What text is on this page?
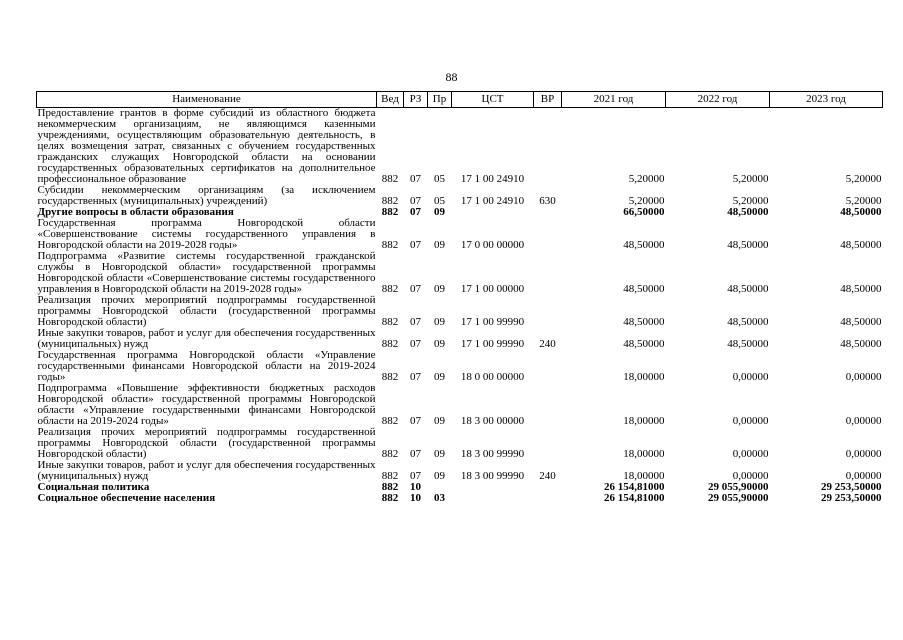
88
Наименование	Вед	РЗ	Пр	ЦСТ	ВР	2021 год	2022 год	2023 год
Предоставление грантов в форме субсидий из областного бюджета некоммерческим организациям, не являющимся казенными учреждениями, осуществляющим образовательную деятельность, в целях возмещения затрат, связанных с обучением государственных гражданских служащих Новгородской области на основании государственных образовательных сертификатов на дополнительное профессиональное образование	882	07	05	17 1 00 24910		5,20000	5,20000	5,20000
Субсидии некоммерческим организациям (за исключением государственных (муниципальных) учреждений)	882	07	05	17 1 00 24910	630	5,20000	5,20000	5,20000
Другие вопросы в области образования	882	07	09			66,50000	48,50000	48,50000
Государственная программа Новгородской области «Совершенствование системы государственного управления в Новгородской области на 2019-2028 годы»	882	07	09	17 0 00 00000		48,50000	48,50000	48,50000
Подпрограмма «Развитие системы государственной гражданской службы в Новгородской области» государственной программы Новгородской области «Совершенствование системы государственного управления в Новгородской области на 2019-2028 годы»	882	07	09	17 1 00 00000		48,50000	48,50000	48,50000
Реализация прочих мероприятий подпрограммы государственной программы Новгородской области (государственной программы Новгородской области)	882	07	09	17 1 00 99990		48,50000	48,50000	48,50000
Иные закупки товаров, работ и услуг для обеспечения государственных (муниципальных) нужд	882	07	09	17 1 00 99990	240	48,50000	48,50000	48,50000
Государственная программа Новгородской области «Управление государственными финансами Новгородской области на 2019-2024 годы»	882	07	09	18 0 00 00000		18,00000	0,00000	0,00000
Подпрограмма «Повышение эффективности бюджетных расходов Новгородской области» государственной программы Новгородской области «Управление государственными финансами Новгородской области на 2019-2024 годы»	882	07	09	18 3 00 00000		18,00000	0,00000	0,00000
Реализация прочих мероприятий подпрограммы государственной программы Новгородской области (государственной программы Новгородской области)	882	07	09	18 3 00 99990		18,00000	0,00000	0,00000
Иные закупки товаров, работ и услуг для обеспечения государственных (муниципальных) нужд	882	07	09	18 3 00 99990	240	18,00000	0,00000	0,00000
Социальная политика	882	10				26 154,81000	29 055,90000	29 253,50000
Социальное обеспечение населения	882	10	03			26 154,81000	29 055,90000	29 253,50000
